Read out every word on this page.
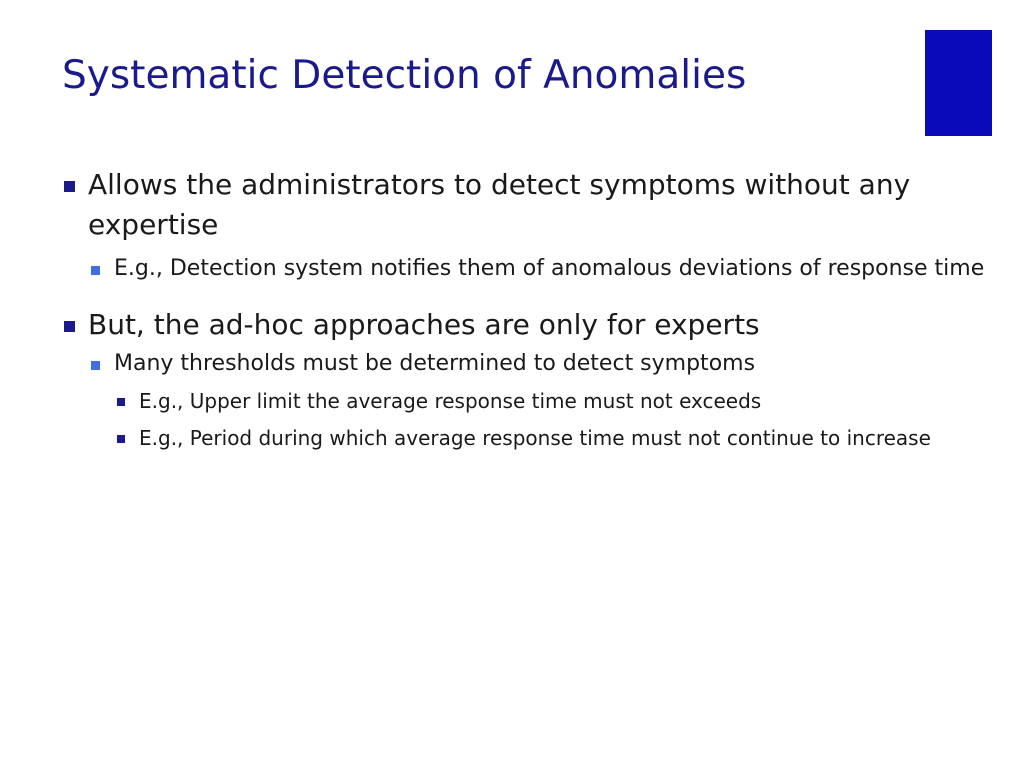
Systematic Detection of Anomalies
Allows the administrators to detect symptoms without any expertise
E.g., Detection system notifies them of anomalous deviations of response time
But, the ad-hoc approaches are only for experts
Many thresholds must be determined to detect symptoms
E.g., Upper limit the average response time must not exceeds
E.g., Period during which average response time must not continue to increase
